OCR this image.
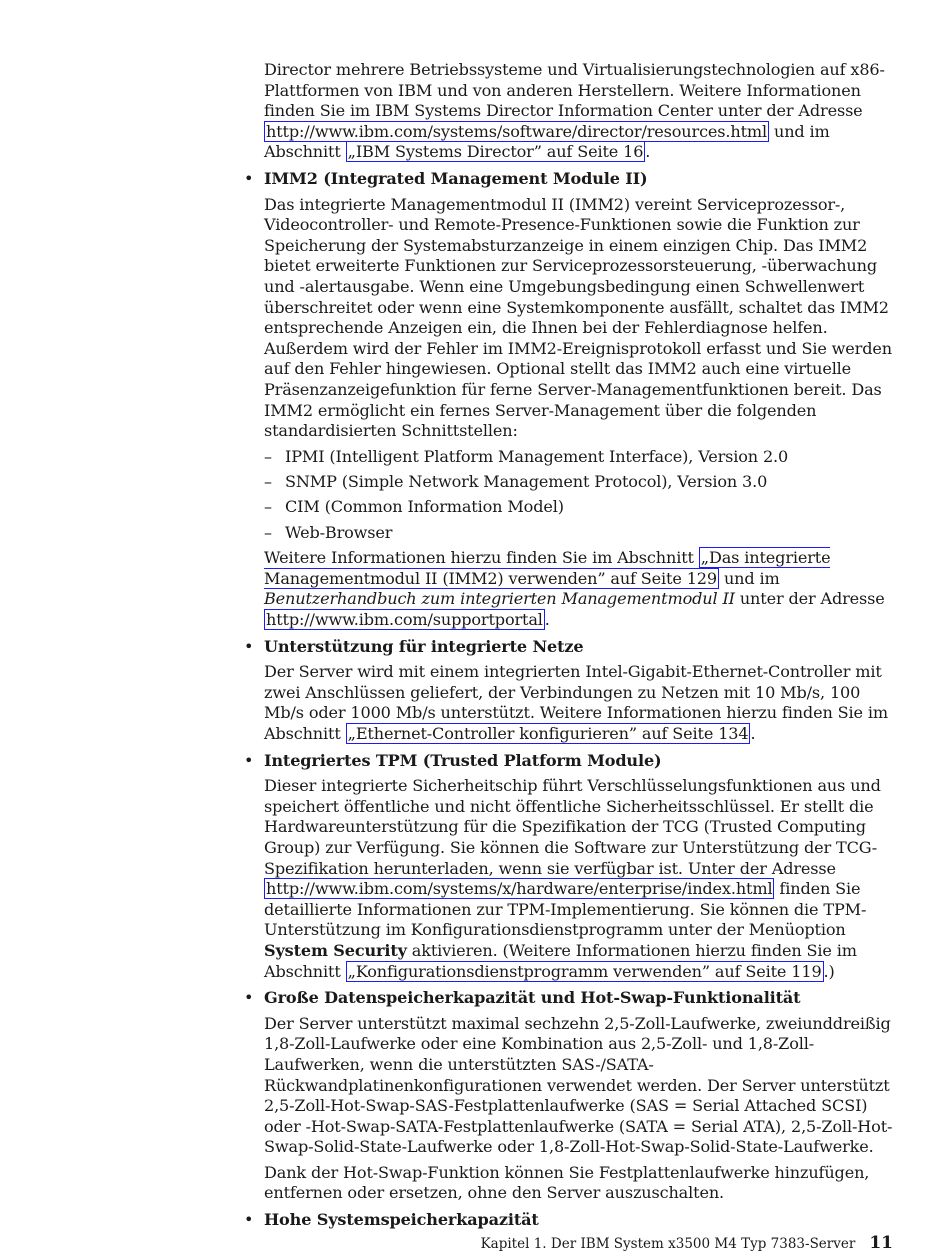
Director mehrere Betriebssysteme und Virtualisierungstechnologien auf x86-Plattformen von IBM und von anderen Herstellern. Weitere Informationen finden Sie im IBM Systems Director Information Center unter der Adresse http://www.ibm.com/systems/software/director/resources.html und im Abschnitt „IBM Systems Director” auf Seite 16 .

• IMM2 (Integrated Management Module II)

Das integrierte Managementmodul II (IMM2) vereint Serviceprozessor-, Videocontroller- und Remote-Presence-Funktionen sowie die Funktion zur Speicherung der Systemabsturzanzeige in einem einzigen Chip. Das IMM2 bietet erweiterte Funktionen zur Serviceprozessorsteuerung, -überwachung und -alertausgabe. Wenn eine Umgebungsbedingung einen Schwellenwert überschreitet oder wenn eine Systemkomponente ausfällt, schaltet das IMM2 entsprechende Anzeigen ein, die Ihnen bei der Fehlerdiagnose helfen. Außerdem wird der Fehler im IMM2-Ereignisprotokoll erfasst und Sie werden auf den Fehler hingewiesen. Optional stellt das IMM2 auch eine virtuelle Präsenzanzeigefunktion für ferne Server-Managementfunktionen bereit. Das IMM2 ermöglicht ein fernes Server-Management über die folgenden standardisierten Schnittstellen:

– IPMI (Intelligent Platform Management Interface), Version 2.0
– SNMP (Simple Network Management Protocol), Version 3.0
– CIM (Common Information Model)
– Web-Browser

Weitere Informationen hierzu finden Sie im Abschnitt „Das integrierte Managementmodul II (IMM2) verwenden” auf Seite 129 und im Benutzerhandbuch zum integrierten Managementmodul II unter der Adresse http://www.ibm.com/supportportal .

• Unterstützung für integrierte Netze

Der Server wird mit einem integrierten Intel-Gigabit-Ethernet-Controller mit zwei Anschlüssen geliefert, der Verbindungen zu Netzen mit 10 Mb/s, 100 Mb/s oder 1000 Mb/s unterstützt. Weitere Informationen hierzu finden Sie im Abschnitt „Ethernet-Controller konfigurieren” auf Seite 134 .

• Integriertes TPM (Trusted Platform Module)

Dieser integrierte Sicherheitschip führt Verschlüsselungsfunktionen aus und speichert öffentliche und nicht öffentliche Sicherheitsschlüssel. Er stellt die Hardwareunterstützung für die Spezifikation der TCG (Trusted Computing Group) zur Verfügung. Sie können die Software zur Unterstützung der TCG-Spezifikation herunterladen, wenn sie verfügbar ist. Unter der Adresse http://www.ibm.com/systems/x/hardware/enterprise/index.html finden Sie detaillierte Informationen zur TPM-Implementierung. Sie können die TPM-Unterstützung im Konfigurationsdienstprogramm unter der Menüoption System Security aktivieren. (Weitere Informationen hierzu finden Sie im Abschnitt „Konfigurationsdienstprogramm verwenden” auf Seite 119 .)

• Große Datenspeicherkapazität und Hot-Swap-Funktionalität

Der Server unterstützt maximal sechzehn 2,5-Zoll-Laufwerke, zweiunddreißig 1,8-Zoll-Laufwerke oder eine Kombination aus 2,5-Zoll- und 1,8-Zoll-Laufwerken, wenn die unterstützten SAS-/SATA-Rückwandplatinenkonfigurationen verwendet werden. Der Server unterstützt 2,5-Zoll-Hot-Swap-SAS-Festplattenlaufwerke (SAS = Serial Attached SCSI) oder -Hot-Swap-SATA-Festplattenlaufwerke (SATA = Serial ATA), 2,5-Zoll-Hot-Swap-Solid-State-Laufwerke oder 1,8-Zoll-Hot-Swap-Solid-State-Laufwerke.

Dank der Hot-Swap-Funktion können Sie Festplattenlaufwerke hinzufügen, entfernen oder ersetzen, ohne den Server auszuschalten.

• Hohe Systemspeicherkapazität

Kapitel 1. Der IBM System x3500 M4 Typ 7383-Server 11
